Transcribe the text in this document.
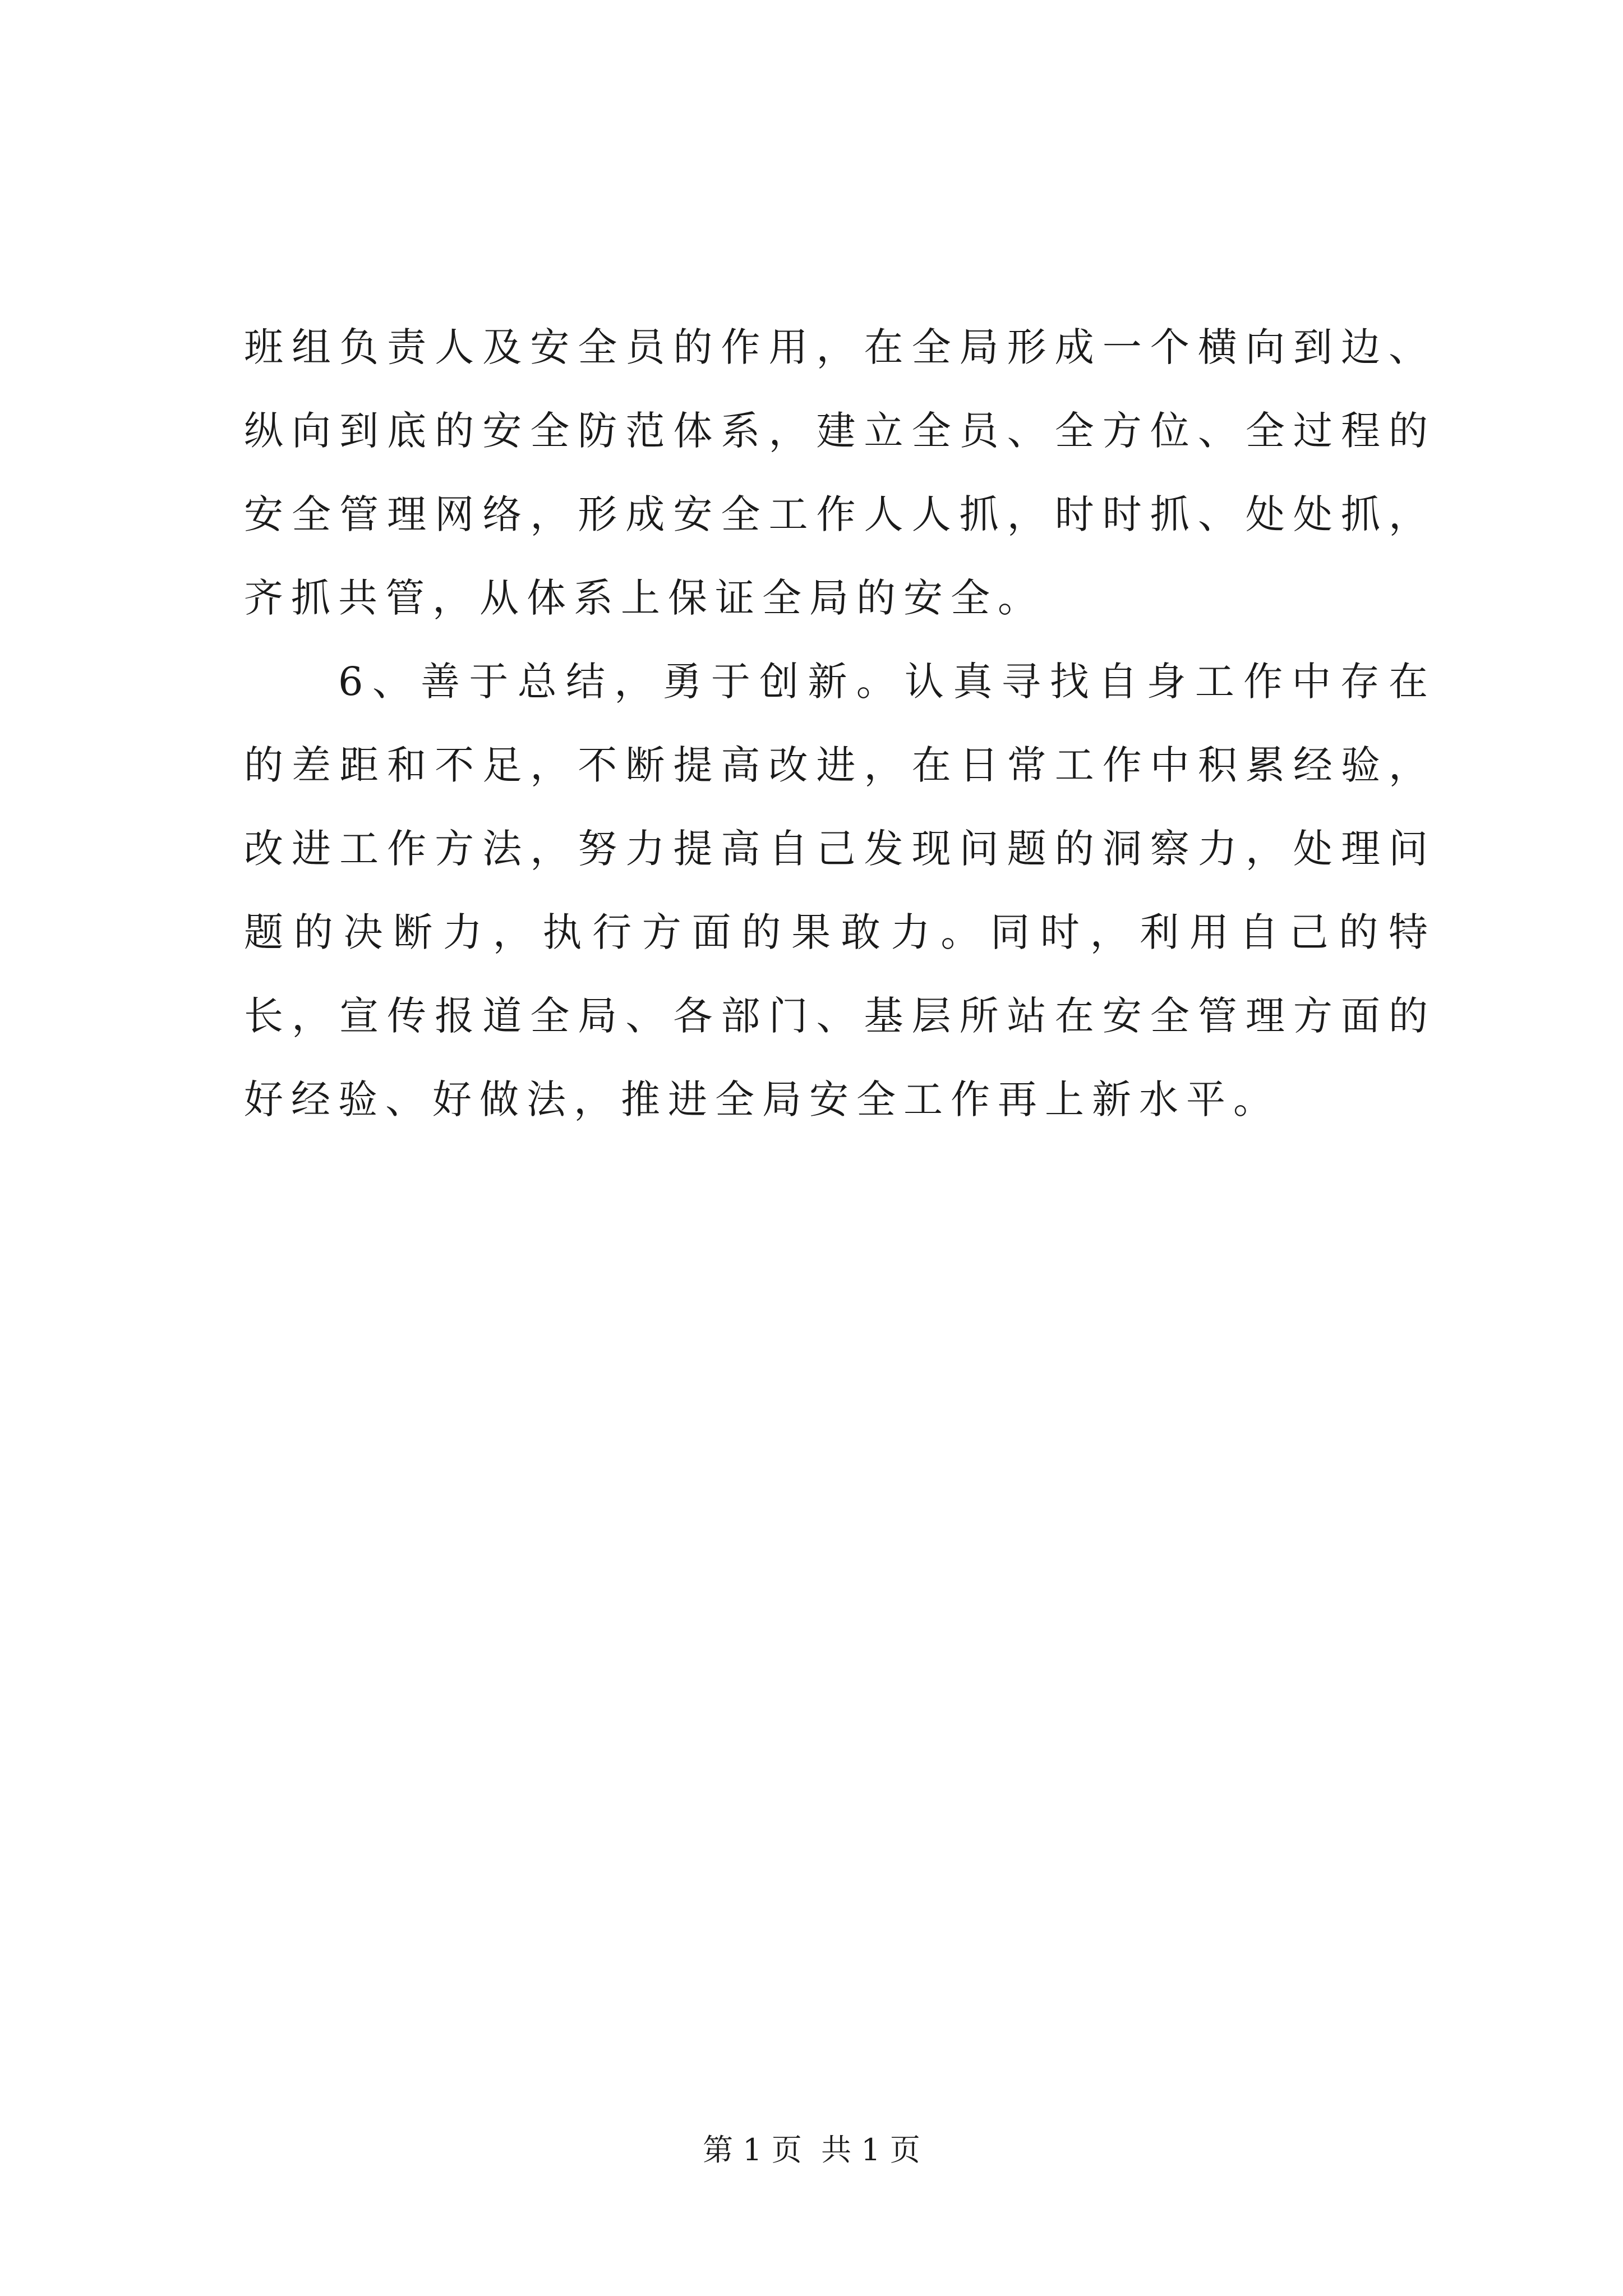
班组负责人及安全员的作用，在全局形成一个横向到边、纵向到底的安全防范体系，建立全员、全方位、全过程的安全管理网络，形成安全工作人人抓，时时抓、处处抓，齐抓共管，从体系上保证全局的安全。

6、善于总结，勇于创新。认真寻找自身工作中存在的差距和不足，不断提高改进，在日常工作中积累经验，改进工作方法，努力提高自己发现问题的洞察力，处理问题的决断力，执行方面的果敢力。同时，利用自己的特长，宣传报道全局、各部门、基层所站在安全管理方面的好经验、好做法，推进全局安全工作再上新水平。

第 1 页  共 1 页
